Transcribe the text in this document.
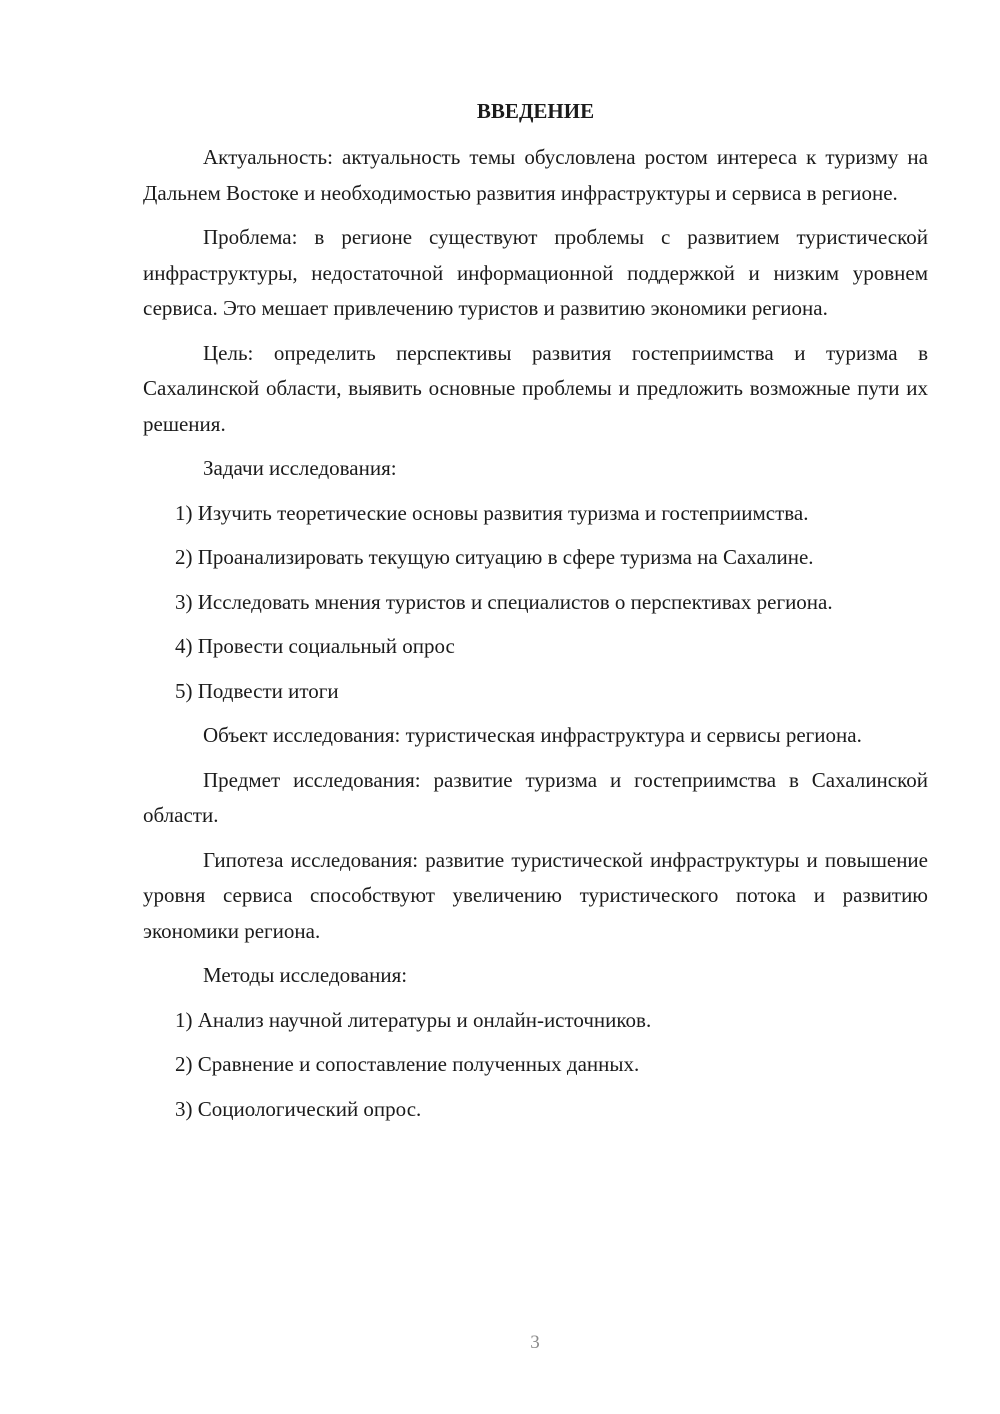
ВВЕДЕНИЕ

Актуальность: актуальность темы обусловлена ростом интереса к туризму на Дальнем Востоке и необходимостью развития инфраструктуры и сервиса в регионе.

Проблема: в регионе существуют проблемы с развитием туристической инфраструктуры, недостаточной информационной поддержкой и низким уровнем сервиса. Это мешает привлечению туристов и развитию экономики региона.

Цель: определить перспективы развития гостеприимства и туризма в Сахалинской области, выявить основные проблемы и предложить возможные пути их решения.

Задачи исследования:

1) Изучить теоретические основы развития туризма и гостеприимства.

2) Проанализировать текущую ситуацию в сфере туризма на Сахалине.

3) Исследовать мнения туристов и специалистов о перспективах региона.

4) Провести социальный опрос

5) Подвести итоги

Объект исследования: туристическая инфраструктура и сервисы региона.

Предмет исследования: развитие туризма и гостеприимства в Сахалинской области.

Гипотеза исследования: развитие туристической инфраструктуры и повышение уровня сервиса способствуют увеличению туристического потока и развитию экономики региона.

Методы исследования:

1) Анализ научной литературы и онлайн-источников.

2) Сравнение и сопоставление полученных данных.

3) Социологический опрос.

3
